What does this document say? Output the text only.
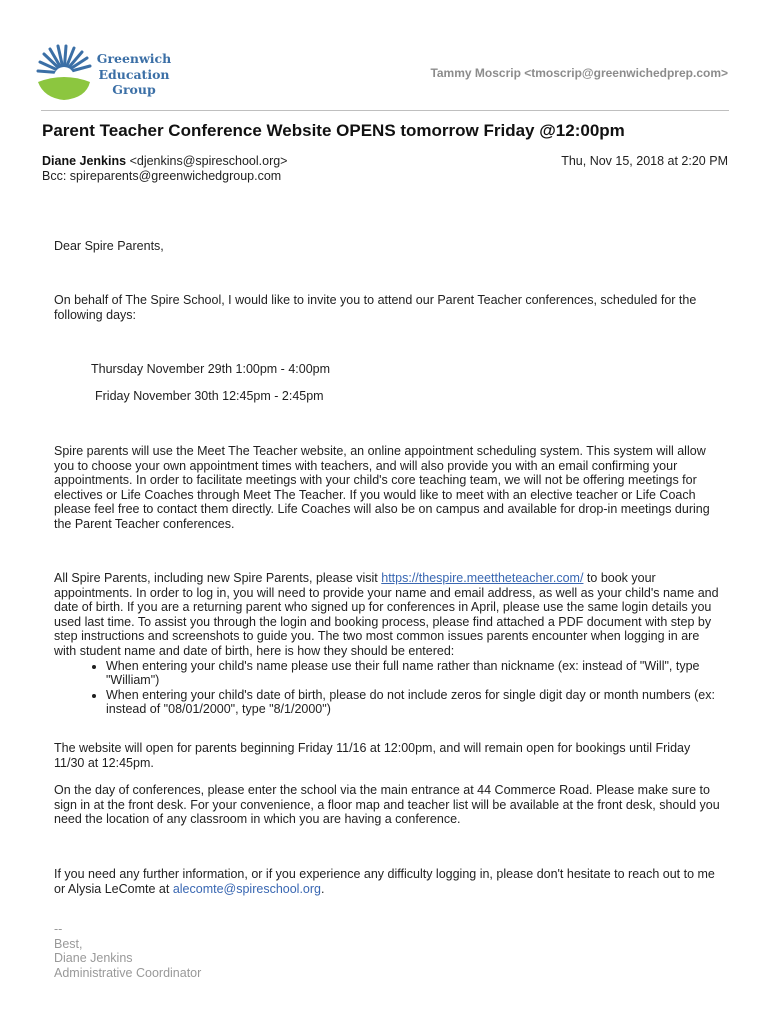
Greenwich
Education
Group
Tammy Moscrip <tmoscrip@greenwichedprep.com>
Parent Teacher Conference Website OPENS tomorrow Friday @12:00pm
Diane Jenkins <djenkins@spireschool.org>	Thu, Nov 15, 2018 at 2:20 PM
Bcc: spireparents@greenwichedgroup.com

Dear Spire Parents,

On behalf of The Spire School, I would like to invite you to attend our Parent Teacher conferences, scheduled for the following days:

Thursday November 29th 1:00pm - 4:00pm

Friday November 30th 12:45pm - 2:45pm

Spire parents will use the Meet The Teacher website, an online appointment scheduling system. This system will allow you to choose your own appointment times with teachers, and will also provide you with an email confirming your appointments. In order to facilitate meetings with your child's core teaching team, we will not be offering meetings for electives or Life Coaches through Meet The Teacher. If you would like to meet with an elective teacher or Life Coach please feel free to contact them directly. Life Coaches will also be on campus and available for drop-in meetings during the Parent Teacher conferences.

All Spire Parents, including new Spire Parents, please visit https://thespire.meettheteacher.com/ to book your appointments. In order to log in, you will need to provide your name and email address, as well as your child's name and date of birth. If you are a returning parent who signed up for conferences in April, please use the same login details you used last time. To assist you through the login and booking process, please find attached a PDF document with step by step instructions and screenshots to guide you. The two most common issues parents encounter when logging in are with student name and date of birth, here is how they should be entered:

• When entering your child's name please use their full name rather than nickname (ex: instead of "Will", type "William")
• When entering your child's date of birth, please do not include zeros for single digit day or month numbers (ex: instead of "08/01/2000", type "8/1/2000")

The website will open for parents beginning Friday 11/16 at 12:00pm, and will remain open for bookings until Friday 11/30 at 12:45pm.

On the day of conferences, please enter the school via the main entrance at 44 Commerce Road. Please make sure to sign in at the front desk. For your convenience, a floor map and teacher list will be available at the front desk, should you need the location of any classroom in which you are having a conference.

If you need any further information, or if you experience any difficulty logging in, please don't hesitate to reach out to me or Alysia LeComte at alecomte@spireschool.org.

--

Best,

Diane Jenkins

Administrative Coordinator
